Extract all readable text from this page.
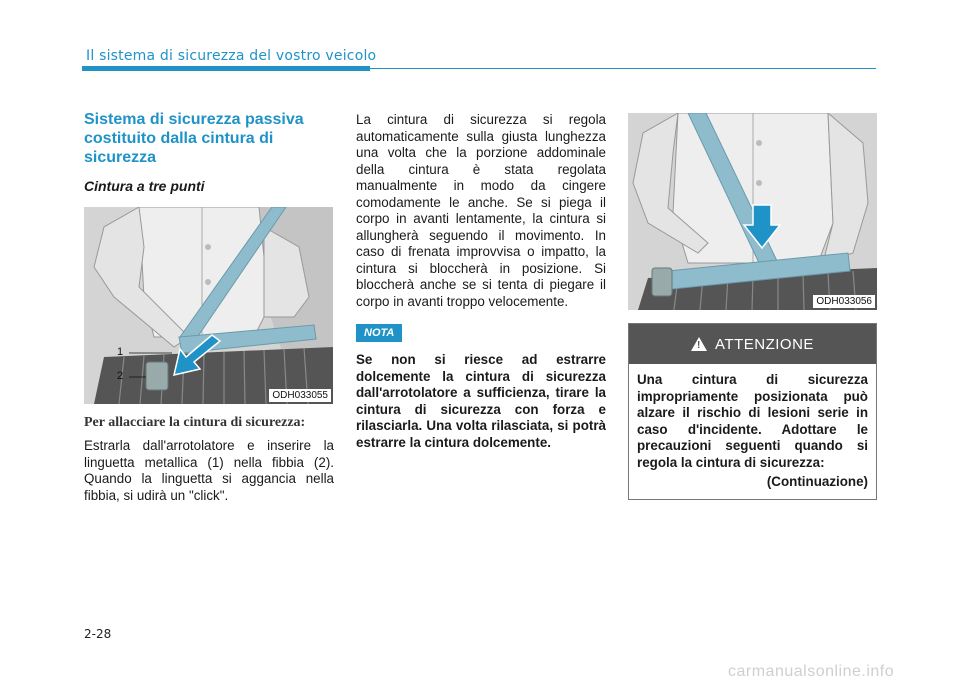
Il sistema di sicurezza del vostro veicolo
Sistema di sicurezza passiva costituito dalla cintura di sicurezza
Cintura a tre punti
1
2
ODH033055
Per allacciare la cintura di sicurezza:
Estrarla dall'arrotolatore e inserire la linguetta metallica (1) nella fibbia (2). Quando la linguetta si aggancia nella fibbia, si udirà un "click".
La cintura di sicurezza si regola automaticamente sulla giusta lunghezza una volta che la porzione addominale della cintura è stata regolata manualmente in modo da cingere comodamente le anche. Se si piega il corpo in avanti lentamente, la cintura si allungherà seguendo il movimento. In caso di frenata improvvisa o impatto, la cintura si bloccherà in posizione. Si bloccherà anche se si tenta di piegare il corpo in avanti troppo velocemente.
NOTA
Se non si riesce ad estrarre dolcemente la cintura di sicurezza dall'arrotolatore a sufficienza, tirare la cintura di sicurezza con forza e rilasciarla. Una volta rilasciata, si potrà estrarre la cintura dolcemente.
ODH033056
! ATTENZIONE
Una cintura di sicurezza impropriamente posizionata può alzare il rischio di lesioni serie in caso d'incidente. Adottare le precauzioni seguenti quando si regola la cintura di sicurezza:
(Continuazione)
2-28
carmanualsonline.info
